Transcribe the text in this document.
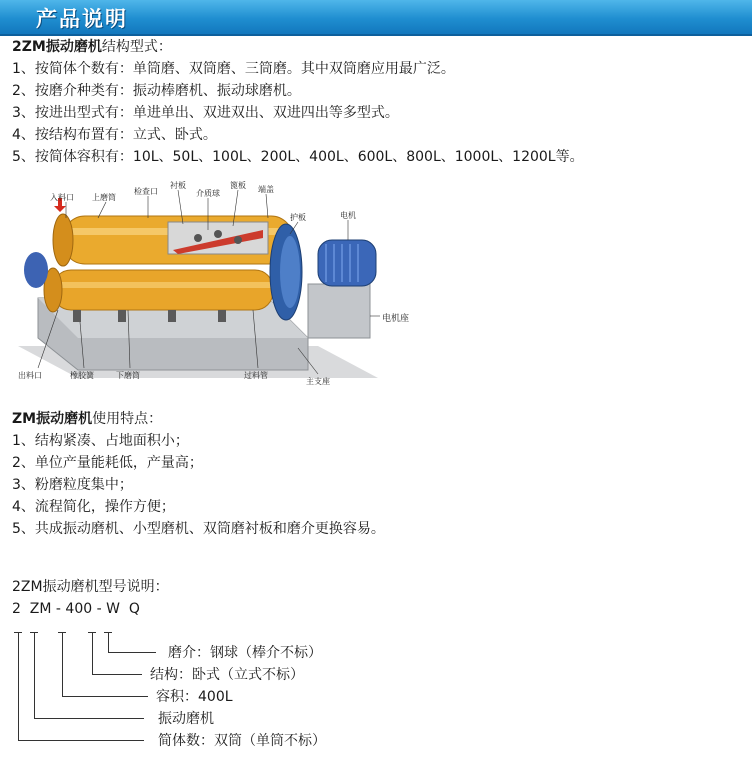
产品说明
2ZM振动磨机结构型式：
1、按简体个数有：单筒磨、双筒磨、三筒磨。其中双筒磨应用最广泛。
2、按磨介种类有：振动棒磨机、振动球磨机。
3、按进出型式有：单进单出、双进双出、双进四出等多型式。
4、按结构布置有：立式、卧式。
5、按简体容积有：10L、50L、100L、200L、400L、600L、800L、1000L、1200L等。
入料口 上磨筒
检查口
衬板
介质球
篦板 端盖
护板	电机
出料口	橡胶簧	下磨筒	过料管
主支座
电机座
ZM振动磨机使用特点：
1、结构紧凑、占地面积小；
2、单位产量能耗低，产量高；
3、粉磨粒度集中；
4、流程简化，操作方便；
5、共成振动磨机、小型磨机、双筒磨衬板和磨介更换容易。
2ZM振动磨机型号说明：
2  ZM - 400 - W  Q
磨介：钢球（棒介不标）
结构：卧式（立式不标）
容积：400L
振动磨机
简体数：双筒（单筒不标）
